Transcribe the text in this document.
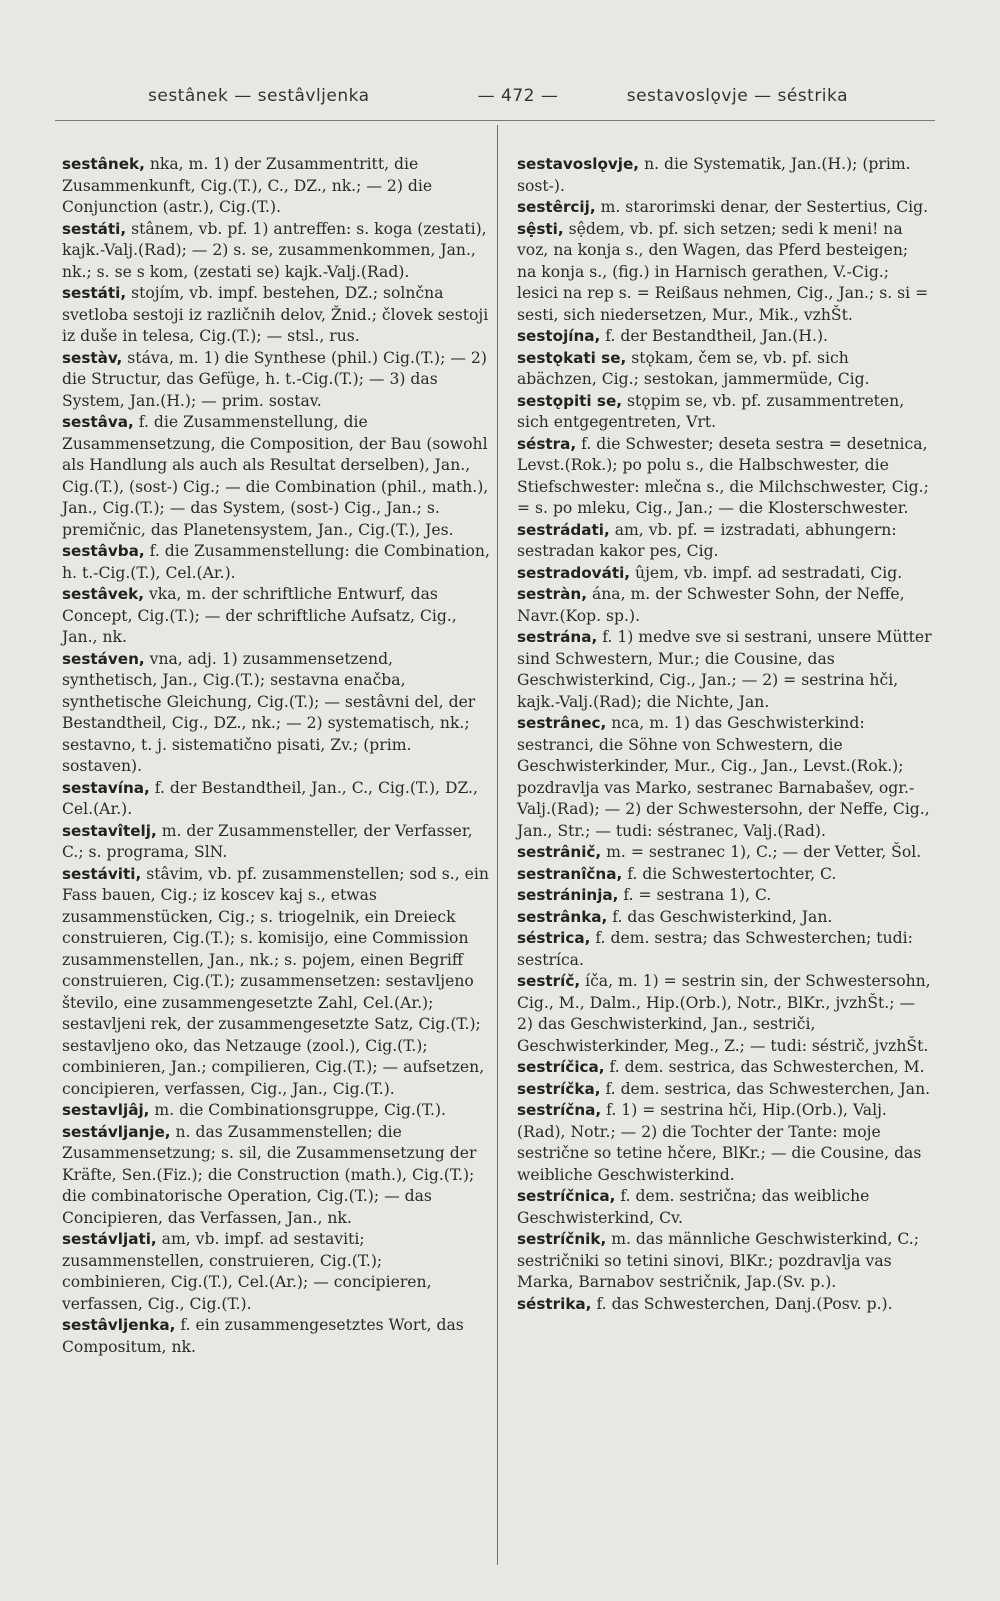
sestânek — sestâvljenka	— 472 —	sestavoslǫvje — séstrika

sestânek, nka, m. 1) der Zusammentritt, die Zusammenkunft, Cig.(T.), C., DZ., nk.; — 2) die Conjunction (astr.), Cig.(T.).

sestáti, stânem, vb. pf. 1) antreffen: s. koga (zestati), kajk.-Valj.(Rad); — 2) s. se, zusammenkommen, Jan., nk.; s. se s kom, (zestati se) kajk.-Valj.(Rad).

sestáti, stojím, vb. impf. bestehen, DZ.; solnčna svetloba sestoji iz različnih delov, Žnid.; človek sestoji iz duše in telesa, Cig.(T.); — stsl., rus.

sestàv, stáva, m. 1) die Synthese (phil.) Cig.(T.); — 2) die Structur, das Gefüge, h. t.-Cig.(T.); — 3) das System, Jan.(H.); — prim. sostav.

sestâva, f. die Zusammenstellung, die Zusammensetzung, die Composition, der Bau (sowohl als Handlung als auch als Resultat derselben), Jan., Cig.(T.), (sost-) Cig.; — die Combination (phil., math.), Jan., Cig.(T.); — das System, (sost-) Cig., Jan.; s. premičnic, das Planetensystem, Jan., Cig.(T.), Jes.

sestâvba, f. die Zusammenstellung: die Combination, h. t.-Cig.(T.), Cel.(Ar.).

sestâvek, vka, m. der schriftliche Entwurf, das Concept, Cig.(T.); — der schriftliche Aufsatz, Cig., Jan., nk.

sestáven, vna, adj. 1) zusammensetzend, synthetisch, Jan., Cig.(T.); sestavna enačba, synthetische Gleichung, Cig.(T.); — sestâvni del, der Bestandtheil, Cig., DZ., nk.; — 2) systematisch, nk.; sestavno, t. j. sistematično pisati, Zv.; (prim. sostaven).

sestavína, f. der Bestandtheil, Jan., C., Cig.(T.), DZ., Cel.(Ar.).

sestavîtelj, m. der Zusammensteller, der Verfasser, C.; s. programa, SlN.

sestáviti, stâvim, vb. pf. zusammenstellen; sod s., ein Fass bauen, Cig.; iz koscev kaj s., etwas zusammenstücken, Cig.; s. triogelnik, ein Dreieck construieren, Cig.(T.); s. komisijo, eine Commission zusammenstellen, Jan., nk.; s. pojem, einen Begriff construieren, Cig.(T.); zusammensetzen: sestavljeno število, eine zusammengesetzte Zahl, Cel.(Ar.); sestavljeni rek, der zusammengesetzte Satz, Cig.(T.); sestavljeno oko, das Netzauge (zool.), Cig.(T.); combinieren, Jan.; compilieren, Cig.(T.); — aufsetzen, concipieren, verfassen, Cig., Jan., Cig.(T.).

sestavljâj, m. die Combinationsgruppe, Cig.(T.).

sestávljanje, n. das Zusammenstellen; die Zusammensetzung; s. sil, die Zusammensetzung der Kräfte, Sen.(Fiz.); die Construction (math.), Cig.(T.); die combinatorische Operation, Cig.(T.); — das Concipieren, das Verfassen, Jan., nk.

sestávljati, am, vb. impf. ad sestaviti; zusammenstellen, construieren, Cig.(T.); combinieren, Cig.(T.), Cel.(Ar.); — concipieren, verfassen, Cig., Cig.(T.).

sestâvljenka, f. ein zusammengesetztes Wort, das Compositum, nk.

sestavoslǫvje, n. die Systematik, Jan.(H.); (prim. sost-).

sestêrcij, m. starorimski denar, der Sestertius, Cig.

sệsti, sệdem, vb. pf. sich setzen; sedi k meni! na voz, na konja s., den Wagen, das Pferd besteigen; na konja s., (fig.) in Harnisch gerathen, V.-Cig.; lesici na rep s. = Reißaus nehmen, Cig., Jan.; s. si = sesti, sich niedersetzen, Mur., Mik., vzhŠt.

sestojína, f. der Bestandtheil, Jan.(H.).

sestǫkati se, stǫkam, čem se, vb. pf. sich abächzen, Cig.; sestokan, jammermüde, Cig.

sestǫpiti se, stǫpim se, vb. pf. zusammentreten, sich entgegentreten, Vrt.

séstra, f. die Schwester; deseta sestra = desetnica, Levst.(Rok.); po polu s., die Halbschwester, die Stiefschwester: mlečna s., die Milchschwester, Cig.; = s. po mleku, Cig., Jan.; — die Klosterschwester.

sestrádati, am, vb. pf. = izstradati, abhungern: sestradan kakor pes, Cig.

sestradováti, ûjem, vb. impf. ad sestradati, Cig.

sestràn, ána, m. der Schwester Sohn, der Neffe, Navr.(Kop. sp.).

sestrána, f. 1) medve sve si sestrani, unsere Mütter sind Schwestern, Mur.; die Cousine, das Geschwisterkind, Cig., Jan.; — 2) = sestrina hči, kajk.-Valj.(Rad); die Nichte, Jan.

sestrânec, nca, m. 1) das Geschwisterkind: sestranci, die Söhne von Schwestern, die Geschwisterkinder, Mur., Cig., Jan., Levst.(Rok.); pozdravlja vas Marko, sestranec Barnabašev, ogr.-Valj.(Rad); — 2) der Schwestersohn, der Neffe, Cig., Jan., Str.; — tudi: séstranec, Valj.(Rad).

sestrânič, m. = sestranec 1), C.; — der Vetter, Šol.

sestranîčna, f. die Schwestertochter, C.

sestráninja, f. = sestrana 1), C.

sestrânka, f. das Geschwisterkind, Jan.

séstrica, f. dem. sestra; das Schwesterchen; tudi: sestríca.

sestríč, íča, m. 1) = sestrin sin, der Schwestersohn, Cig., M., Dalm., Hip.(Orb.), Notr., BlKr., jvzhŠt.; — 2) das Geschwisterkind, Jan., sestriči, Geschwisterkinder, Meg., Z.; — tudi: séstrič, jvzhŠt.

sestríčica, f. dem. sestrica, das Schwesterchen, M.

sestríčka, f. dem. sestrica, das Schwesterchen, Jan.

sestríčna, f. 1) = sestrina hči, Hip.(Orb.), Valj.(Rad), Notr.; — 2) die Tochter der Tante: moje sestrične so tetine hčere, BlKr.; — die Cousine, das weibliche Geschwisterkind.

sestríčnica, f. dem. sestrična; das weibliche Geschwisterkind, Cv.

sestríčnik, m. das männliche Geschwisterkind, C.; sestričniki so tetini sinovi, BlKr.; pozdravlja vas Marka, Barnabov sestričnik, Jap.(Sv. p.).

séstrika, f. das Schwesterchen, Danj.(Posv. p.).
